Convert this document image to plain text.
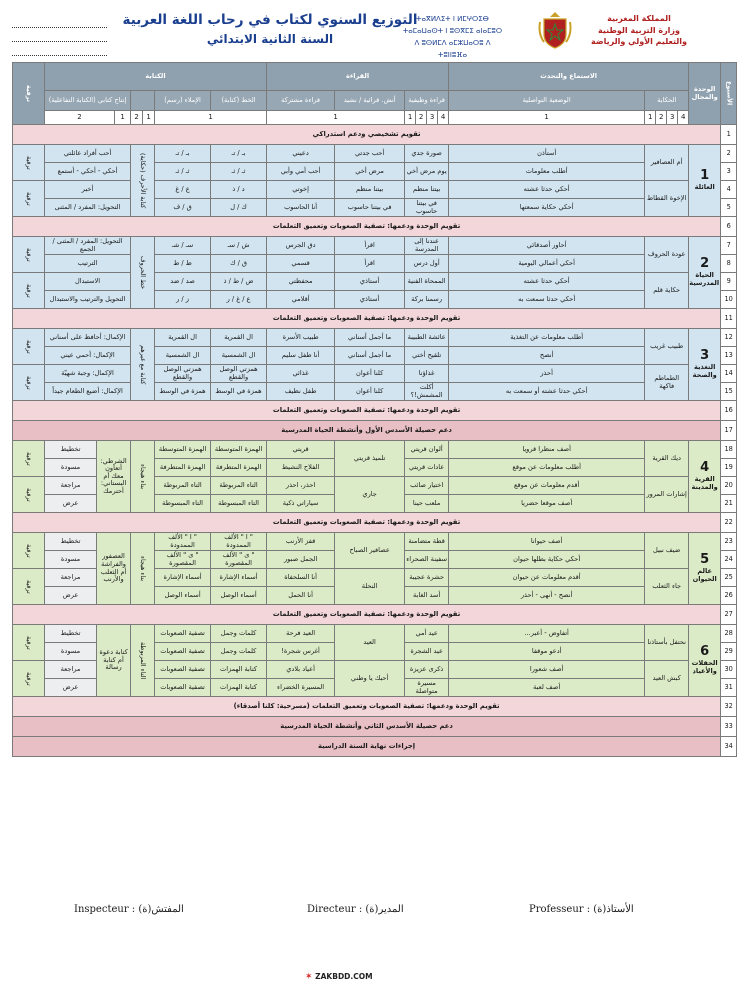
التوزيع السنوي لكتاب في رحاب اللغة العربية
السنة الثانية الابتدائي
ⵜⴰⴳⵍⴷⵉⵜ ⵏ ⵍⵎⵖⵔⵉⴱ
ⵜⴰⵎⴰⵡⴰⵙⵜ ⵏ ⵓⵙⴳⵎⵉ ⴰⵏⴰⵎⵓⵔ
ⴷ ⵓⵙⵍⵎⴷ ⴰⵎⵣⵡⴰⵔⵓ ⴷ ⵜⵓⵏⵏⵓⴼⴰ
المملكة المغربية
وزارة التربية الوطنية
والتعليم الأولي والرياضة
الأسبوع	الوحدة والمجال	الاستماع والتحدث					القراءة						الكتابة							ترقية	
		الحكاية				الوضعية التواصلية	قراءة وظيفية				أنش. قرائية / نشيد	قراءة مشتركة	الخط (كتابة)	الإملاء (رسم)			إنتاج كتابي (الكتابة التفاعلية)				
		4	3	2	1	1	4	3	2	1	1		1		1	2	1	2			
1	تقويم تشخيصي ودعم استدراكي																				
2	1
العائلة	أم العصافير				أستأذن	صورة جدي				أحب جدتي	دعيني	بـ / تـ	بـ / تـ	كتابة الأحرف (حكاية)		أحب أفراد عائلتي			ترقية	
3						أطلب معلومات	يوم مرض أخي				مرض أخي	أحب أمي وأبي	ثـ / ثـ	ثـ / ثـ			أحكي - أحكي - أستمع				
4		الإخوة القطاط				أحكي حدثا عشته	بيتنا منظم				بيتنا منظم	إخوتي	د / ذ	ع / غ			أخبر			ترقية	
5						أحكي حكاية سمعتها	في بيتنا حاسوب				في بيتنا حاسوب	أنا الحاسوب	ك / ل	ق / ف			التحويل: المفرد / المثنى				
6	تقويم الوحدة ودعمها: تصفية الصعوبات وتعميق التعلمات																				
7	2
الحياة المدرسية	عودة الحروف				أحاور أصدقائي	عندنا إلى المدرسة				اقرأ	دق الجرس	ش / سـ	سـ / شـ	خط الحروف		التحويل: المفرد / المثنى / الجمع			ترقية	
8						أحكي أعمالي اليومية	أول درس				اقرأ	قسمي	ق / ك	ظ / ط			الترتيب				
9		حكاية قلم				أحكي حدثا عشته	الممحاة الفنية				أستاذي	محفظتي	ض / ط / ذ	صد / ضد			الاستبدال			ترقية	
10						أحكي حدثا سمعت به	رسمنا بركة				أستاذي	أقلامي	ع / غ / ر	ز / ر			التحويل والترتيب والاستبدال				
11	تقويم الوحدة ودعمها: تصفية الصعوبات وتعميق التعلمات																				
12	3
التغذية والصحة	طبيب غريب				أطلب معلومات عن التغذية	عائشة الطبيبة				ما أجمل أسناني	طبيب الأسرة	ال القمرية	ال القمرية	كتابة مع غيرهم		الإكمال: أحافظ على أسناني			ترقية	
13						أنصح	تلقيح أختي				ما أجمل أسناني	أنا طفل سليم	ال الشمسية	ال الشمسية			الإكمال: أحمي عيني				
14		الطماطم فاكهة				أحذر	غذاؤنا				كلنا أعوان	غذائي	همزتي الوصل والقطع	همزتي الوصل والقطع			الإكمال: وجبة شهيّة			ترقية	
15						أحكي حدثا عشته أو سمعت به	أكلت المشمش!؟				كلنا أعوان	طفل نظيف	همزة في الوسط	همزة في الوسط			الإكمال: أضيع الطعام جيداً				
16	تقويم الوحدة ودعمها: تصفية الصعوبات وتعميق التعلمات																				
17	دعم حصيلة الأسدس الأول وأنشطة الحياة المدرسية																				
18	4
القرية والمدينة	ديك القرية				أصف منظرا قرويا	ألوان قريتي				تلميذ قريتي	قريتي	الهمزة المتوسطة	الهمزة المتوسطة	بتاء هيجاء		الشرطي: أتعاون معك أم البستاني: أحترمك		تخطيط	ترقية	
19						أطلب معلومات عن موقع	عادات قريتي					الفلاح النشيط	الهمزة المتطرفة	الهمزة المتطرفة					مسودة		
20		إشارات المرور				أقدم معلومات عن موقع	اختيار صائب				جاري	احذر، احذر	التاء المربوطة	التاء المربوطة					مراجعة	ترقية	
21						أصف موقعا حضريا	ملعب حينا					سياراتي ذكية	التاء المبسوطة	التاء المبسوطة					عرض		
22	تقويم الوحدة ودعمها: تصفية الصعوبات وتعميق التعلمات																				
23	5
عالم الحيوان	ضيف نبيل				أصف حيوانا	قطة متضامنة				عصافير الصباح	قفز الأرنب	" ا " الألف الممدودة	" ا " الألف الممدودة	بتاء هيجاء		العصفور والفراشة أم الثعلب والأرنب		تخطيط	ترقية	
24						أحكي حكاية بطلها حيوان	سفينة الصحراء					الجمل صبور	" ى " الألف المقصورة	" ى " الألف المقصورة					مسودة		
25		جاء الثعلب				أقدم معلومات عن حيوان	حشرة عجيبة				النحلة	أنا السلحفاة	أسماء الإشارة	أسماء الإشارة					مراجعة	ترقية	
26						أنصح - أنهى - أحذر	أسد الغابة					أنا الحمل	أسماء الوصل	أسماء الوصل					عرض		
27	تقويم الوحدة ودعمها: تصفية الصعوبات وتعميق التعلمات																				
28	6
الحفلات والأعياد	نحتفل بأستاذنا				أتفاوض - أعبر...	عيد أمي				العيد	العيد فرحة	كلمات وجمل	تصفية الصعوبات	التاء المربوطة		كتابة دعوة أم كتابة رسالة		تخطيط	ترقية	
29						أدعو موقفا	عيد الشجرة					أغرس شجرة!	كلمات وجمل	تصفية الصعوبات					مسودة		
30		كبش العيد				أصف شعورا	ذكرى عزيزة				أحبك يا وطني	أعياد بلادي	كتابة الهمزات	تصفية الصعوبات					مراجعة	ترقية	
31						أصف لعبة	مسيرة متواصلة					المسيرة الخضراء	كتابة الهمزات	تصفية الصعوبات					عرض		
32	تقويم الوحدة ودعمها: تصفية الصعوبات وتعميق التعلمات (مسرحية: كلنا أصدقاء)																				
33	دعم حصيلة الأسدس الثاني وأنشطة الحياة المدرسية																				
34	إجراءات نهاية السنة الدراسية																				
Inspecteur : المفتش(ة)	Directeur : المدير(ة)	Professeur : الأستاذ(ة)
✶ ZAKBDD.COM
